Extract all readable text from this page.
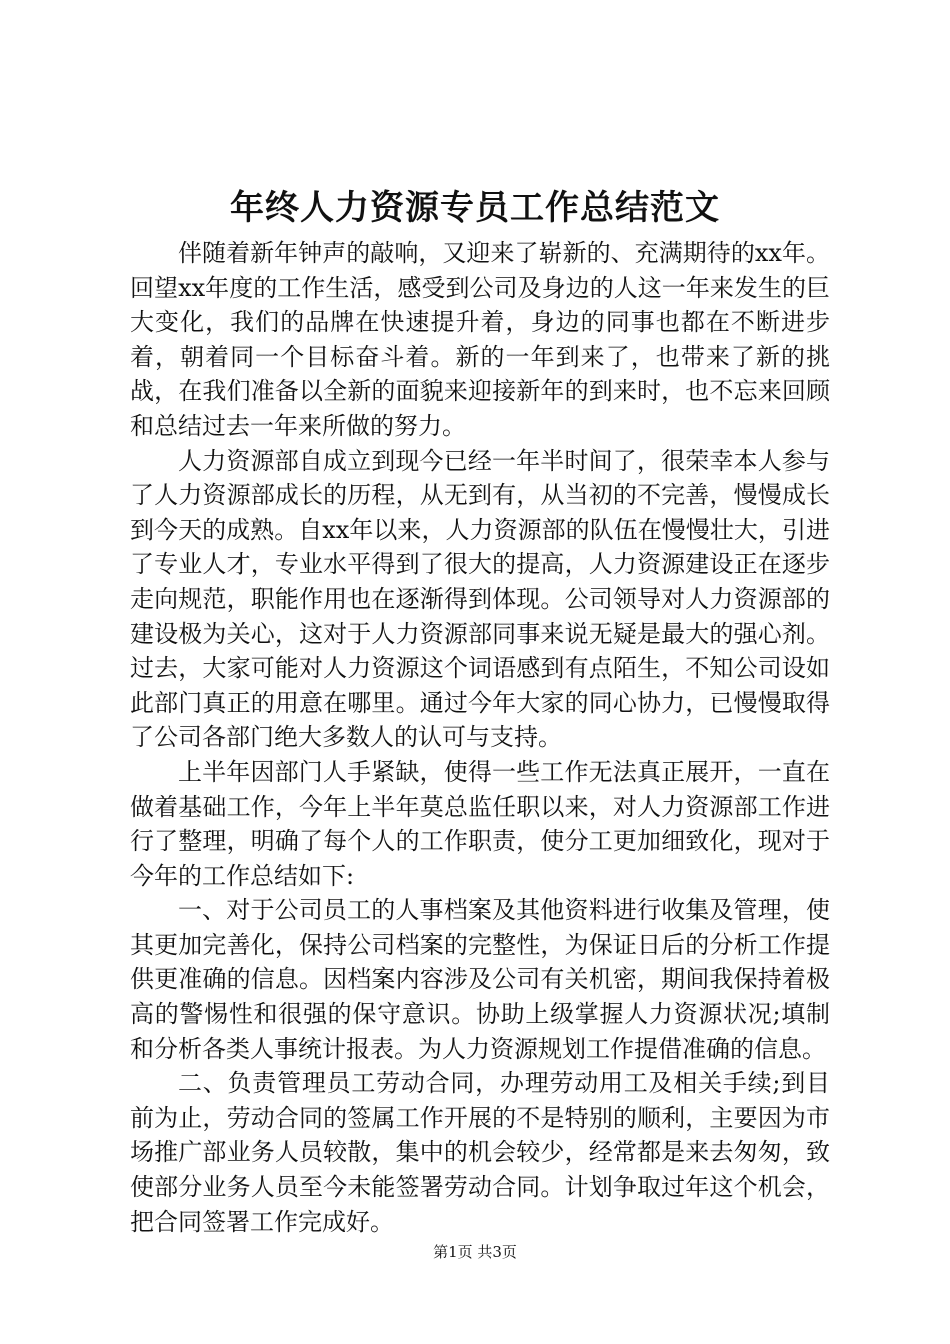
年终人力资源专员工作总结范文

伴随着新年钟声的敲响，又迎来了崭新的、充满期待的xx年。回望xx年度的工作生活，感受到公司及身边的人这一年来发生的巨大变化，我们的品牌在快速提升着，身边的同事也都在不断进步着，朝着同一个目标奋斗着。新的一年到来了，也带来了新的挑战，在我们准备以全新的面貌来迎接新年的到来时，也不忘来回顾和总结过去一年来所做的努力。

人力资源部自成立到现今已经一年半时间了，很荣幸本人参与了人力资源部成长的历程，从无到有，从当初的不完善，慢慢成长到今天的成熟。自xx年以来，人力资源部的队伍在慢慢壮大，引进了专业人才，专业水平得到了很大的提高，人力资源建设正在逐步走向规范，职能作用也在逐渐得到体现。公司领导对人力资源部的建设极为关心，这对于人力资源部同事来说无疑是最大的强心剂。过去，大家可能对人力资源这个词语感到有点陌生，不知公司设如此部门真正的用意在哪里。通过今年大家的同心协力，已慢慢取得了公司各部门绝大多数人的认可与支持。

上半年因部门人手紧缺，使得一些工作无法真正展开，一直在做着基础工作，今年上半年莫总监任职以来，对人力资源部工作进行了整理，明确了每个人的工作职责，使分工更加细致化，现对于今年的工作总结如下:

一、对于公司员工的人事档案及其他资料进行收集及管理，使其更加完善化，保持公司档案的完整性，为保证日后的分析工作提供更准确的信息。因档案内容涉及公司有关机密，期间我保持着极高的警惕性和很强的保守意识。协助上级掌握人力资源状况;填制和分析各类人事统计报表。为人力资源规划工作提借准确的信息。

二、负责管理员工劳动合同，办理劳动用工及相关手续;到目前为止，劳动合同的签属工作开展的不是特别的顺利，主要因为市场推广部业务人员较散，集中的机会较少，经常都是来去匆匆，致使部分业务人员至今未能签署劳动合同。计划争取过年这个机会，把合同签署工作完成好。

第1页 共3页
